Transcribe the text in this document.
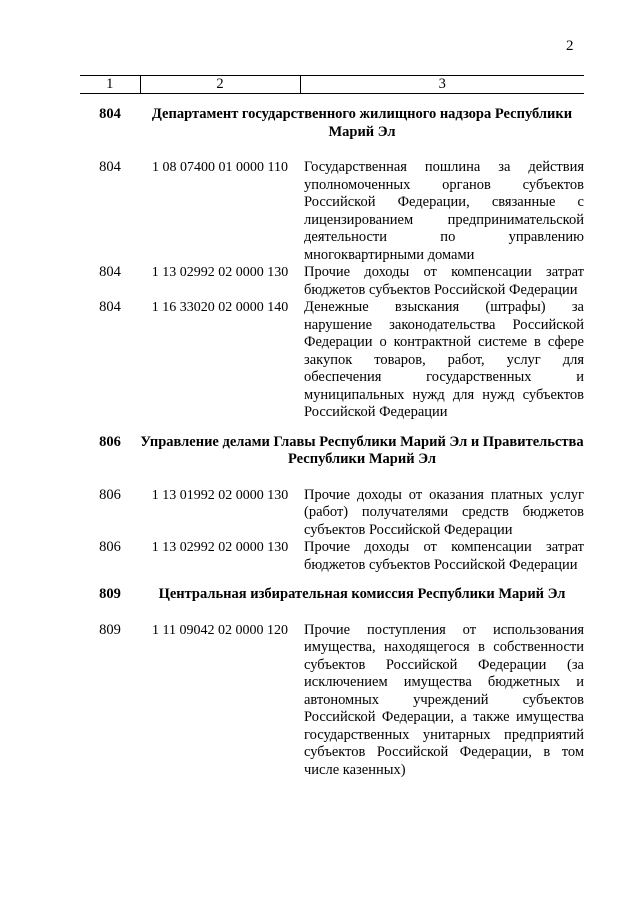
2
1	2	3
804	Департамент государственного жилищного надзора Республики Марий Эл	
804	1 08 07400 01 0000 110	Государственная пошлина за действия уполномоченных органов субъектов Российской Федерации, связанные с лицензированием предпринимательской деятельности по управлению многоквартирными домами
804	1 13 02992 02 0000 130	Прочие доходы от компенсации затрат бюджетов субъектов Российской Федерации
804	1 16 33020 02 0000 140	Денежные взыскания (штрафы) за нарушение законодательства Российской Федерации о контрактной системе в сфере закупок товаров, работ, услуг для обеспечения государственных и муниципальных нужд для нужд субъектов Российской Федерации
806	Управление делами Главы Республики Марий Эл и Правительства Республики Марий Эл	
806	1 13 01992 02 0000 130	Прочие доходы от оказания платных услуг (работ) получателями средств бюджетов субъектов Российской Федерации
806	1 13 02992 02 0000 130	Прочие доходы от компенсации затрат бюджетов субъектов Российской Федерации
809	Центральная избирательная комиссия Республики Марий Эл	
809	1 11 09042 02 0000 120	Прочие поступления от использования имущества, находящегося в собственности субъектов Российской Федерации (за исключением имущества бюджетных и автономных учреждений субъектов Российской Федерации, а также имущества государственных унитарных предприятий субъектов Российской Федерации, в том числе казенных)
